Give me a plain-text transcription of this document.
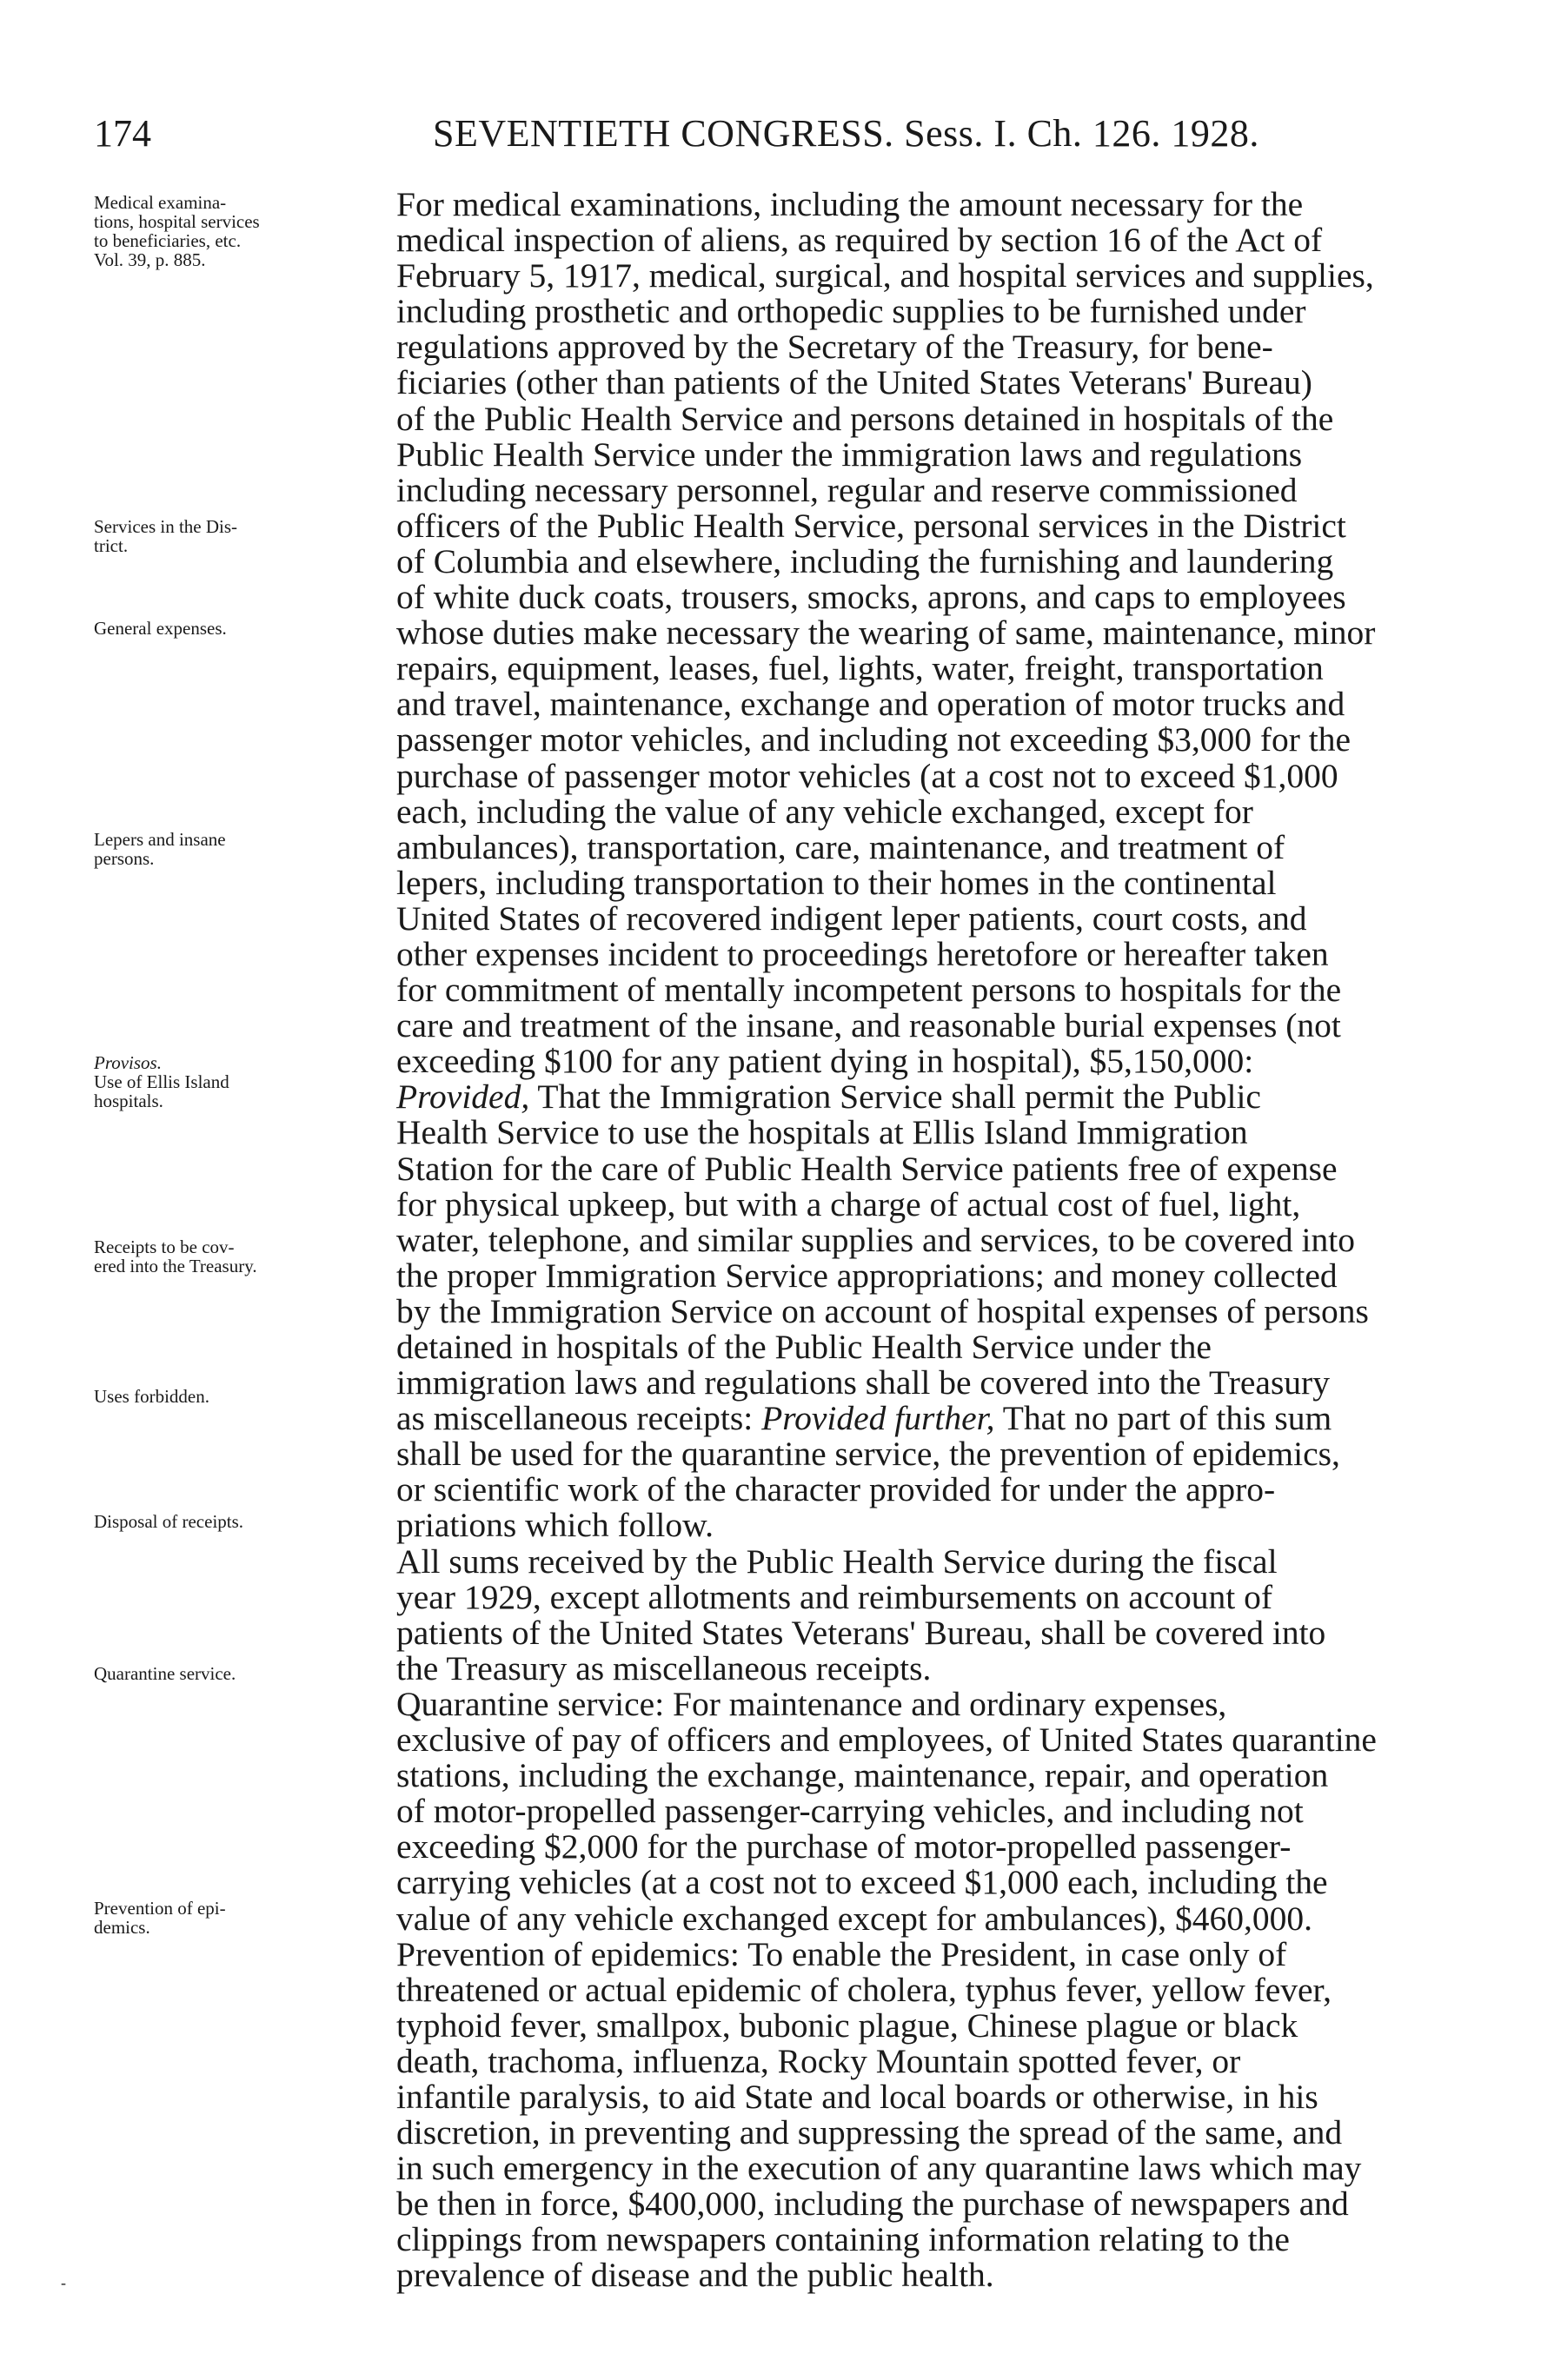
174	SEVENTIETH CONGRESS. Sess. I. Ch. 126. 1928.
Medical examina-
tions, hospital services
to beneficiaries, etc.
Vol. 39, p. 885.
Services in the Dis-
trict.
General expenses.
Lepers and insane
persons.
Provisos.
Use of Ellis Island
hospitals.
Receipts to be cov-
ered into the Treasury.
Uses forbidden.
Disposal of receipts.
Quarantine service.
Prevention of epi-
demics.

For medical examinations, including the amount necessary for the
medical inspection of aliens, as required by section 16 of the Act of
February 5, 1917, medical, surgical, and hospital services and supplies,
including prosthetic and orthopedic supplies to be furnished under
regulations approved by the Secretary of the Treasury, for bene-
ficiaries (other than patients of the United States Veterans' Bureau)
of the Public Health Service and persons detained in hospitals of the
Public Health Service under the immigration laws and regulations
including necessary personnel, regular and reserve commissioned
officers of the Public Health Service, personal services in the District
of Columbia and elsewhere, including the furnishing and laundering
of white duck coats, trousers, smocks, aprons, and caps to employees
whose duties make necessary the wearing of same, maintenance, minor
repairs, equipment, leases, fuel, lights, water, freight, transportation
and travel, maintenance, exchange and operation of motor trucks and
passenger motor vehicles, and including not exceeding $3,000 for the
purchase of passenger motor vehicles (at a cost not to exceed $1,000
each, including the value of any vehicle exchanged, except for
ambulances), transportation, care, maintenance, and treatment of
lepers, including transportation to their homes in the continental
United States of recovered indigent leper patients, court costs, and
other expenses incident to proceedings heretofore or hereafter taken
for commitment of mentally incompetent persons to hospitals for the
care and treatment of the insane, and reasonable burial expenses (not
exceeding $100 for any patient dying in hospital), $5,150,000:
Provided, That the Immigration Service shall permit the Public
Health Service to use the hospitals at Ellis Island Immigration
Station for the care of Public Health Service patients free of expense
for physical upkeep, but with a charge of actual cost of fuel, light,
water, telephone, and similar supplies and services, to be covered into
the proper Immigration Service appropriations; and money collected
by the Immigration Service on account of hospital expenses of persons
detained in hospitals of the Public Health Service under the
immigration laws and regulations shall be covered into the Treasury
as miscellaneous receipts: Provided further, That no part of this sum
shall be used for the quarantine service, the prevention of epidemics,
or scientific work of the character provided for under the appro-
priations which follow.

All sums received by the Public Health Service during the fiscal
year 1929, except allotments and reimbursements on account of
patients of the United States Veterans' Bureau, shall be covered into
the Treasury as miscellaneous receipts.

Quarantine service: For maintenance and ordinary expenses,
exclusive of pay of officers and employees, of United States quarantine
stations, including the exchange, maintenance, repair, and operation
of motor-propelled passenger-carrying vehicles, and including not
exceeding $2,000 for the purchase of motor-propelled passenger-
carrying vehicles (at a cost not to exceed $1,000 each, including the
value of any vehicle exchanged except for ambulances), $460,000.

Prevention of epidemics: To enable the President, in case only of
threatened or actual epidemic of cholera, typhus fever, yellow fever,
typhoid fever, smallpox, bubonic plague, Chinese plague or black
death, trachoma, influenza, Rocky Mountain spotted fever, or
infantile paralysis, to aid State and local boards or otherwise, in his
discretion, in preventing and suppressing the spread of the same, and
in such emergency in the execution of any quarantine laws which may
be then in force, $400,000, including the purchase of newspapers and
clippings from newspapers containing information relating to the
prevalence of disease and the public health.

-
